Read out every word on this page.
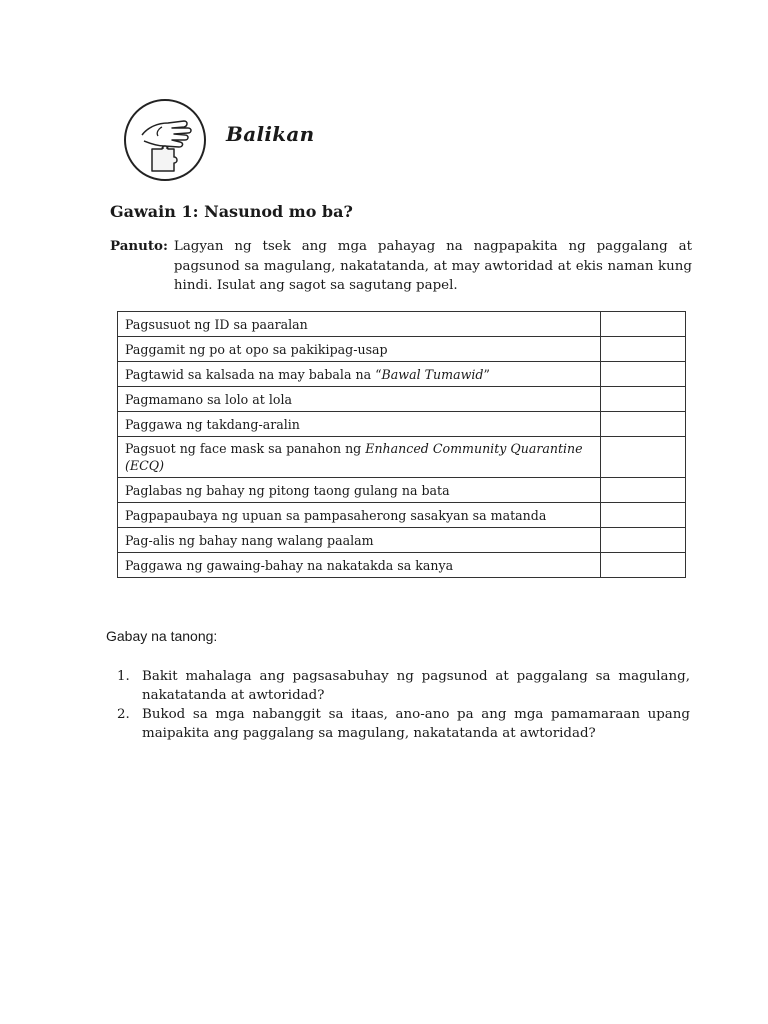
Balikan
Gawain 1: Nasunod mo ba?
Panuto: Lagyan ng tsek ang mga pahayag na nagpapakita ng paggalang at pagsunod sa magulang, nakatatanda, at may awtoridad at ekis naman kung hindi. Isulat ang sagot sa sagutang papel.
Pagsusuot ng ID sa paaralan	
Paggamit ng po at opo sa pakikipag-usap	
Pagtawid sa kalsada na may babala na “Bawal Tumawid”	
Pagmamano sa lolo at lola	
Paggawa ng takdang-aralin	
Pagsuot ng face mask sa panahon ng Enhanced Community Quarantine (ECQ)	
Paglabas ng bahay ng pitong taong gulang na bata	
Pagpapaubaya ng upuan sa pampasaherong sasakyan sa matanda	
Pag-alis ng bahay nang walang paalam	
Paggawa ng gawaing-bahay na nakatakda sa kanya	
Gabay na tanong:
1. Bakit mahalaga ang pagsasabuhay ng pagsunod at paggalang sa magulang, nakatatanda at awtoridad?
2. Bukod sa mga nabanggit sa itaas, ano-ano pa ang mga pamamaraan upang maipakita ang paggalang sa magulang, nakatatanda at awtoridad?
